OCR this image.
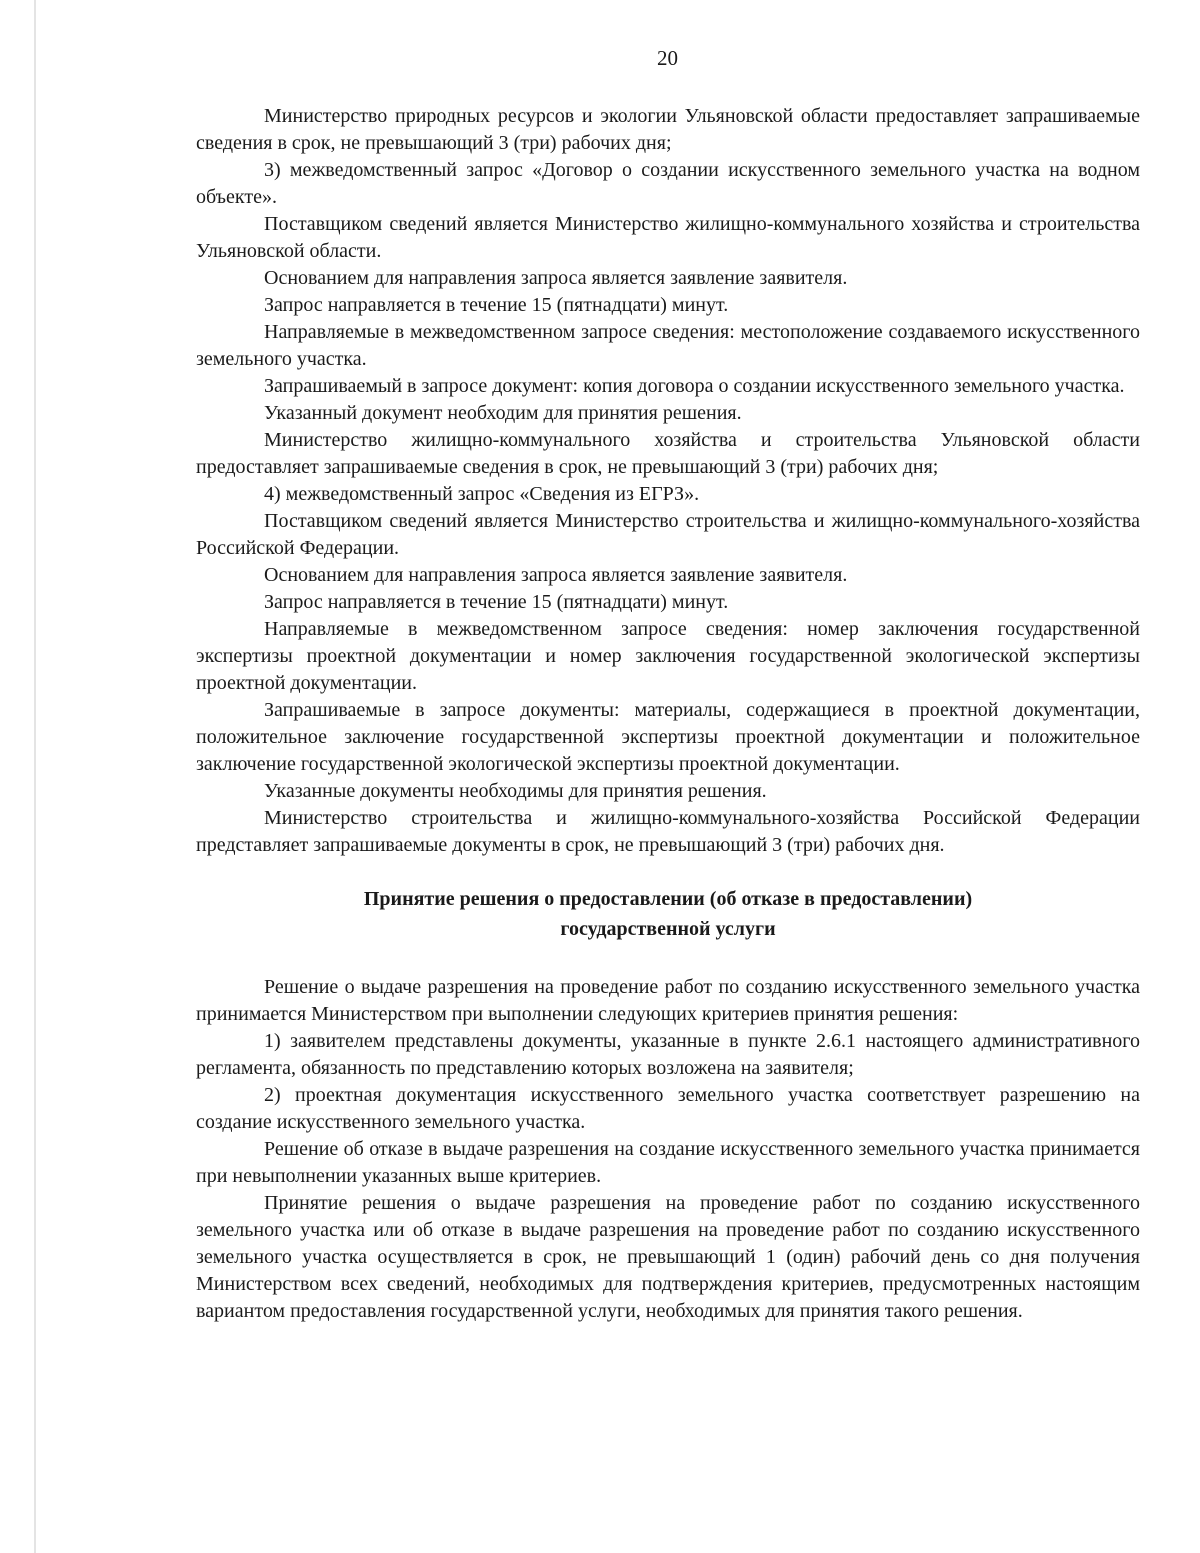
20

Министерство природных ресурсов и экологии Ульяновской области предоставляет запрашиваемые сведения в срок, не превышающий 3 (три) рабочих дня;

3) межведомственный запрос «Договор о создании искусственного земельного участка на водном объекте».

Поставщиком сведений является Министерство жилищно-коммунального хозяйства и строительства Ульяновской области.

Основанием для направления запроса является заявление заявителя.

Запрос направляется в течение 15 (пятнадцати) минут.

Направляемые в межведомственном запросе сведения: местоположение создаваемого искусственного земельного участка.

Запрашиваемый в запросе документ: копия договора о создании искусственного земельного участка.

Указанный документ необходим для принятия решения.

Министерство жилищно-коммунального хозяйства и строительства Ульяновской области предоставляет запрашиваемые сведения в срок, не превышающий 3 (три) рабочих дня;

4) межведомственный запрос «Сведения из ЕГРЗ».

Поставщиком сведений является Министерство строительства и жилищно-коммунального-хозяйства Российской Федерации.

Основанием для направления запроса является заявление заявителя.

Запрос направляется в течение 15 (пятнадцати) минут.

Направляемые в межведомственном запросе сведения: номер заключения государственной экспертизы проектной документации и номер заключения государственной экологической экспертизы проектной документации.

Запрашиваемые в запросе документы: материалы, содержащиеся в проектной документации, положительное заключение государственной экспертизы проектной документации и положительное заключение государственной экологической экспертизы проектной документации.

Указанные документы необходимы для принятия решения.

Министерство строительства и жилищно-коммунального-хозяйства Российской Федерации представляет запрашиваемые документы в срок, не превышающий 3 (три) рабочих дня.

Принятие решения о предоставлении (об отказе в предоставлении)
государственной услуги

Решение о выдаче разрешения на проведение работ по созданию искусственного земельного участка принимается Министерством при выполнении следующих критериев принятия решения:

1) заявителем представлены документы, указанные в пункте 2.6.1 настоящего административного регламента, обязанность по представлению которых возложена на заявителя;

2) проектная документация искусственного земельного участка соответствует разрешению на создание искусственного земельного участка.

Решение об отказе в выдаче разрешения на создание искусственного земельного участка принимается при невыполнении указанных выше критериев.

Принятие решения о выдаче разрешения на проведение работ по созданию искусственного земельного участка или об отказе в выдаче разрешения на проведение работ по созданию искусственного земельного участка осуществляется в срок, не превышающий 1 (один) рабочий день со дня получения Министерством всех сведений, необходимых для подтверждения критериев, предусмотренных настоящим вариантом предоставления государственной услуги, необходимых для принятия такого решения.
